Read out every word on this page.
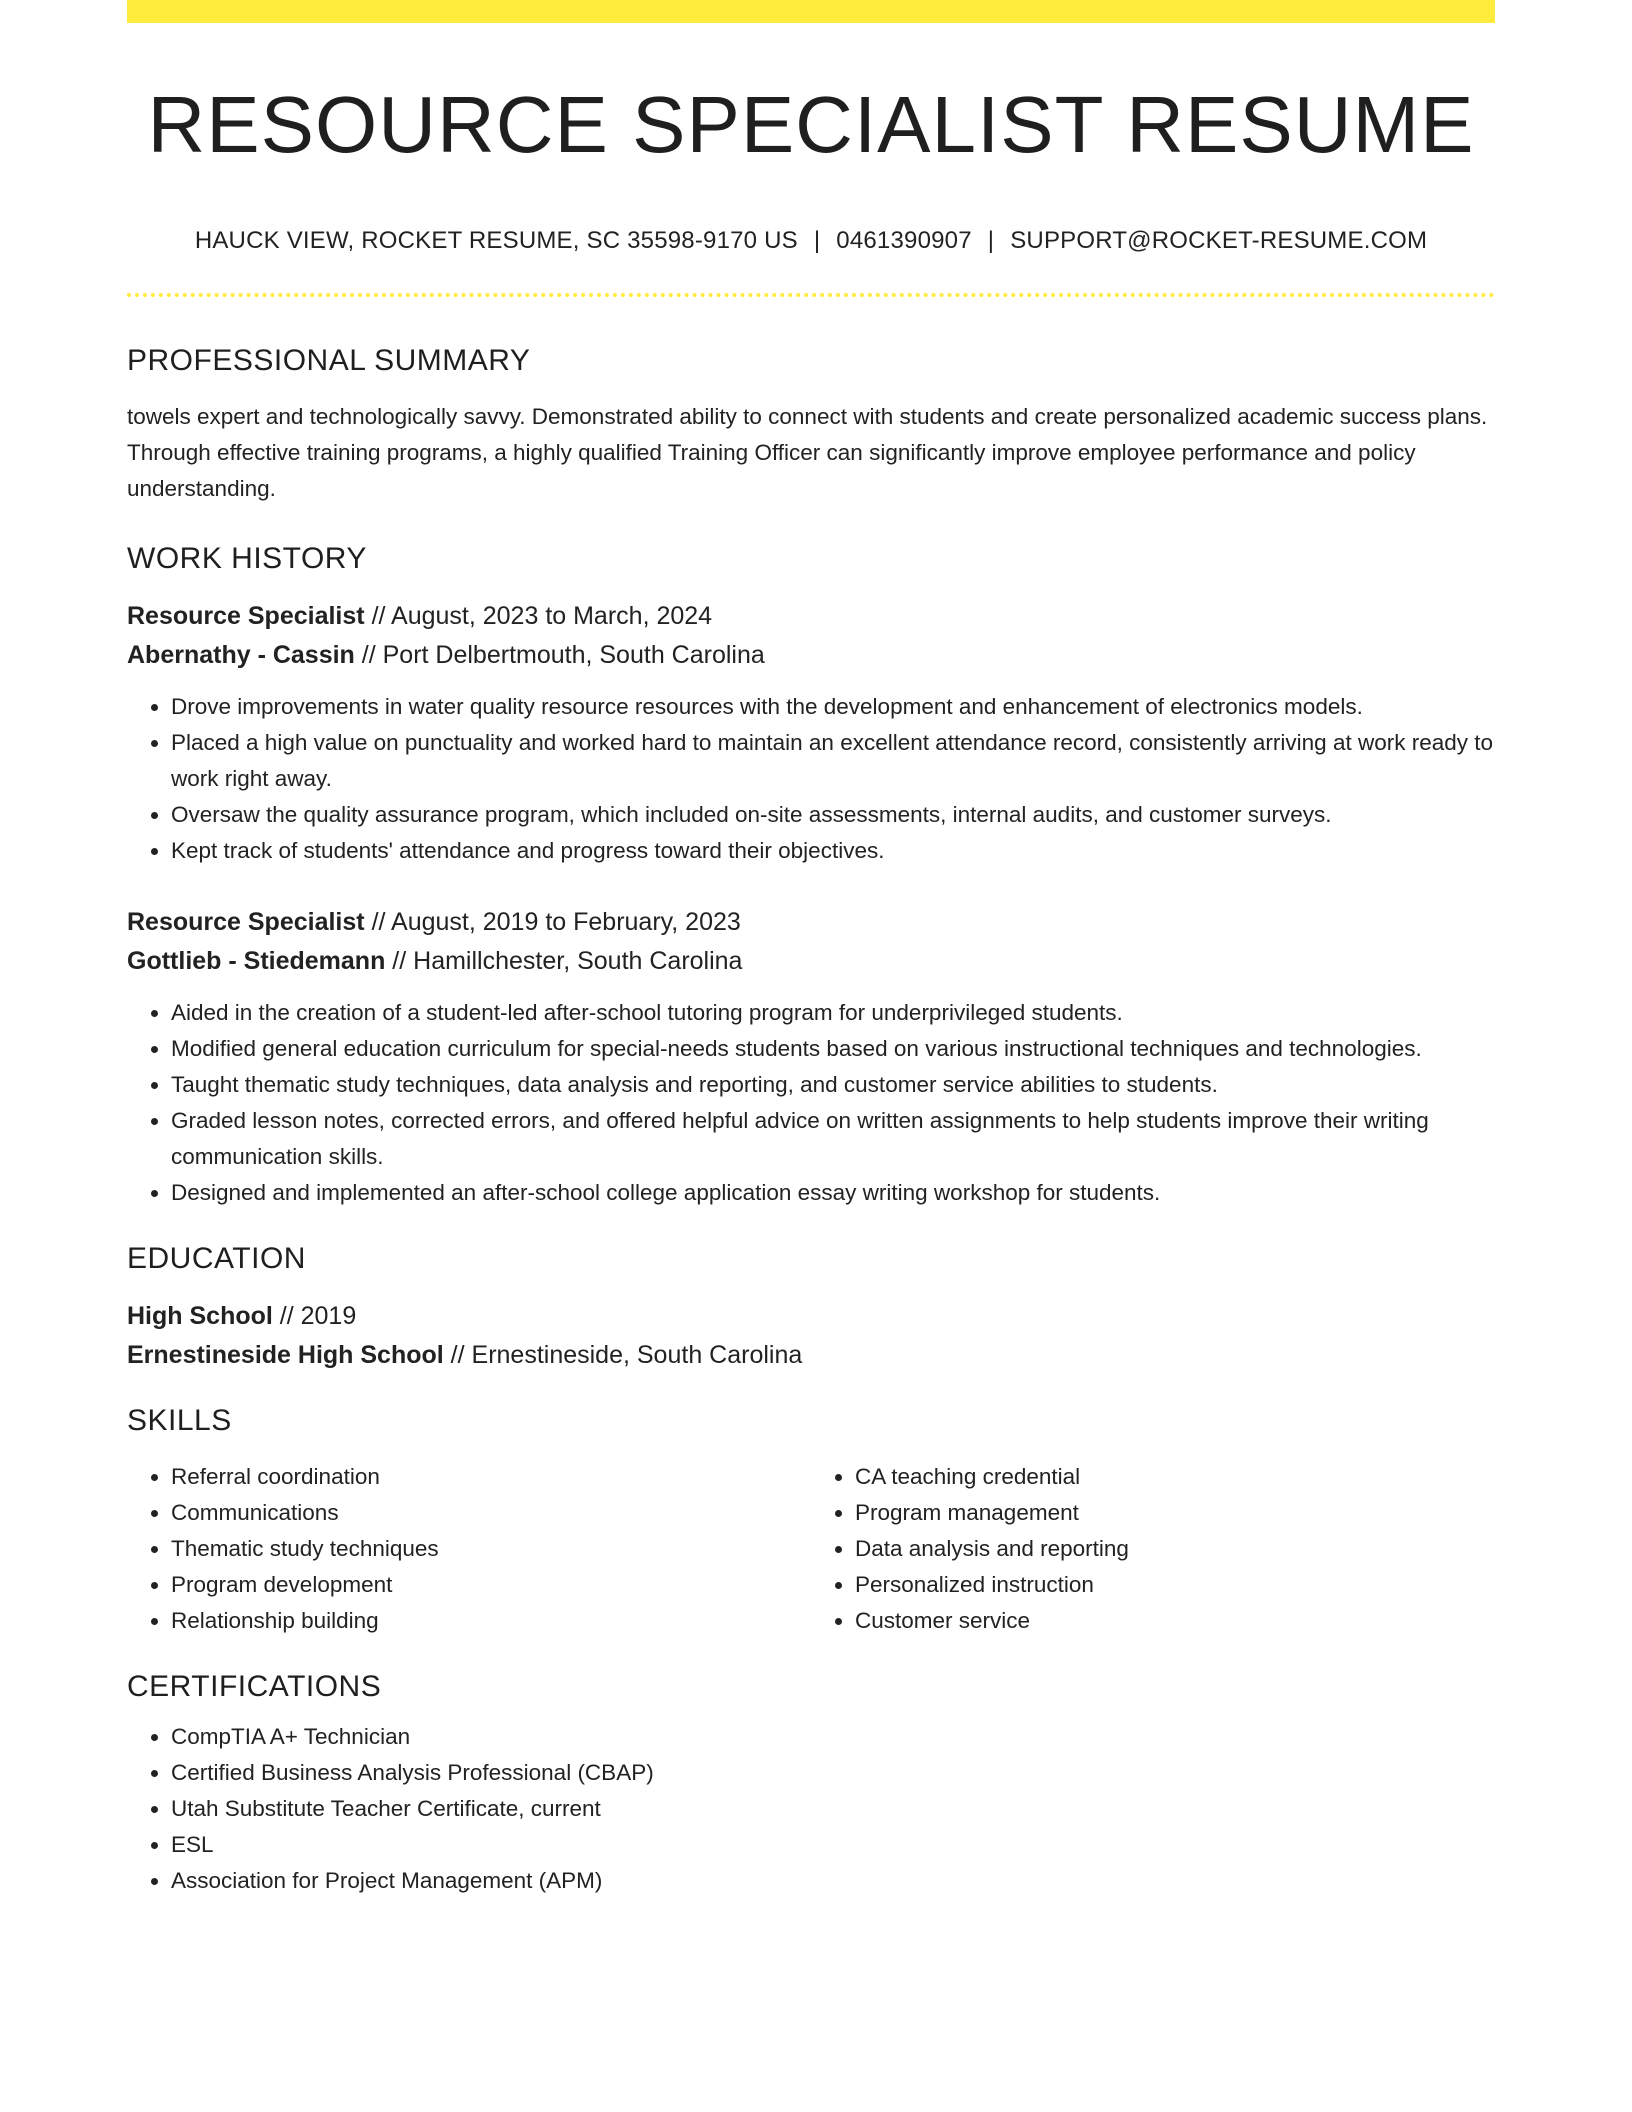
RESOURCE SPECIALIST RESUME
HAUCK VIEW, ROCKET RESUME, SC 35598-9170 US | 0461390907 | SUPPORT@ROCKET-RESUME.COM
PROFESSIONAL SUMMARY
towels expert and technologically savvy. Demonstrated ability to connect with students and create personalized academic success plans. Through effective training programs, a highly qualified Training Officer can significantly improve employee performance and policy understanding.
WORK HISTORY
Resource Specialist // August, 2023 to March, 2024
Abernathy - Cassin // Port Delbertmouth, South Carolina
• Drove improvements in water quality resource resources with the development and enhancement of electronics models.
• Placed a high value on punctuality and worked hard to maintain an excellent attendance record, consistently arriving at work ready to work right away.
• Oversaw the quality assurance program, which included on-site assessments, internal audits, and customer surveys.
• Kept track of students' attendance and progress toward their objectives.
Resource Specialist // August, 2019 to February, 2023
Gottlieb - Stiedemann // Hamillchester, South Carolina
• Aided in the creation of a student-led after-school tutoring program for underprivileged students.
• Modified general education curriculum for special-needs students based on various instructional techniques and technologies.
• Taught thematic study techniques, data analysis and reporting, and customer service abilities to students.
• Graded lesson notes, corrected errors, and offered helpful advice on written assignments to help students improve their writing communication skills.
• Designed and implemented an after-school college application essay writing workshop for students.
EDUCATION
High School // 2019
Ernestineside High School // Ernestineside, South Carolina
SKILLS
• Referral coordination
• Communications
• Thematic study techniques
• Program development
• Relationship building
• CA teaching credential
• Program management
• Data analysis and reporting
• Personalized instruction
• Customer service
CERTIFICATIONS
• CompTIA A+ Technician
• Certified Business Analysis Professional (CBAP)
• Utah Substitute Teacher Certificate, current
• ESL
• Association for Project Management (APM)
